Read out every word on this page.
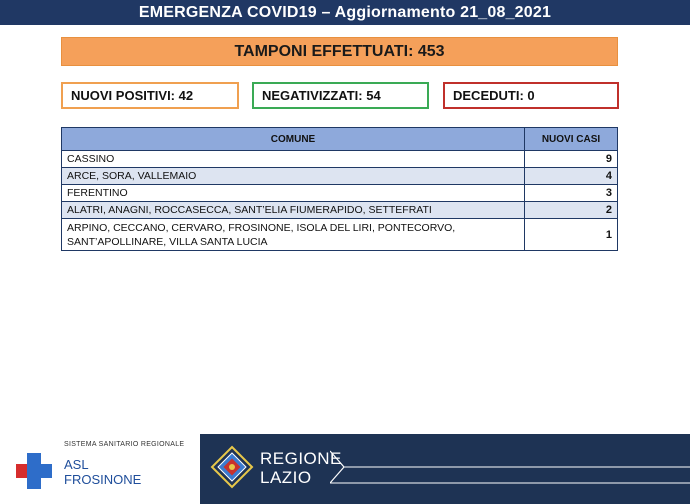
EMERGENZA COVID19 – Aggiornamento 21_08_2021
TAMPONI EFFETTUATI: 453
NUOVI POSITIVI: 42	NEGATIVIZZATI: 54	DECEDUTI: 0
COMUNE	NUOVI CASI
CASSINO	9
ARCE, SORA, VALLEMAIO	4
FERENTINO	3
ALATRI, ANAGNI, ROCCASECCA, SANT’ELIA FIUMERAPIDO, SETTEFRATI	2
ARPINO, CECCANO, CERVARO, FROSINONE, ISOLA DEL LIRI, PONTECORVO, SANT’APOLLINARE, VILLA SANTA LUCIA	1
SISTEMA SANITARIO REGIONALE
ASL
FROSINONE
REGIONE
LAZIO
